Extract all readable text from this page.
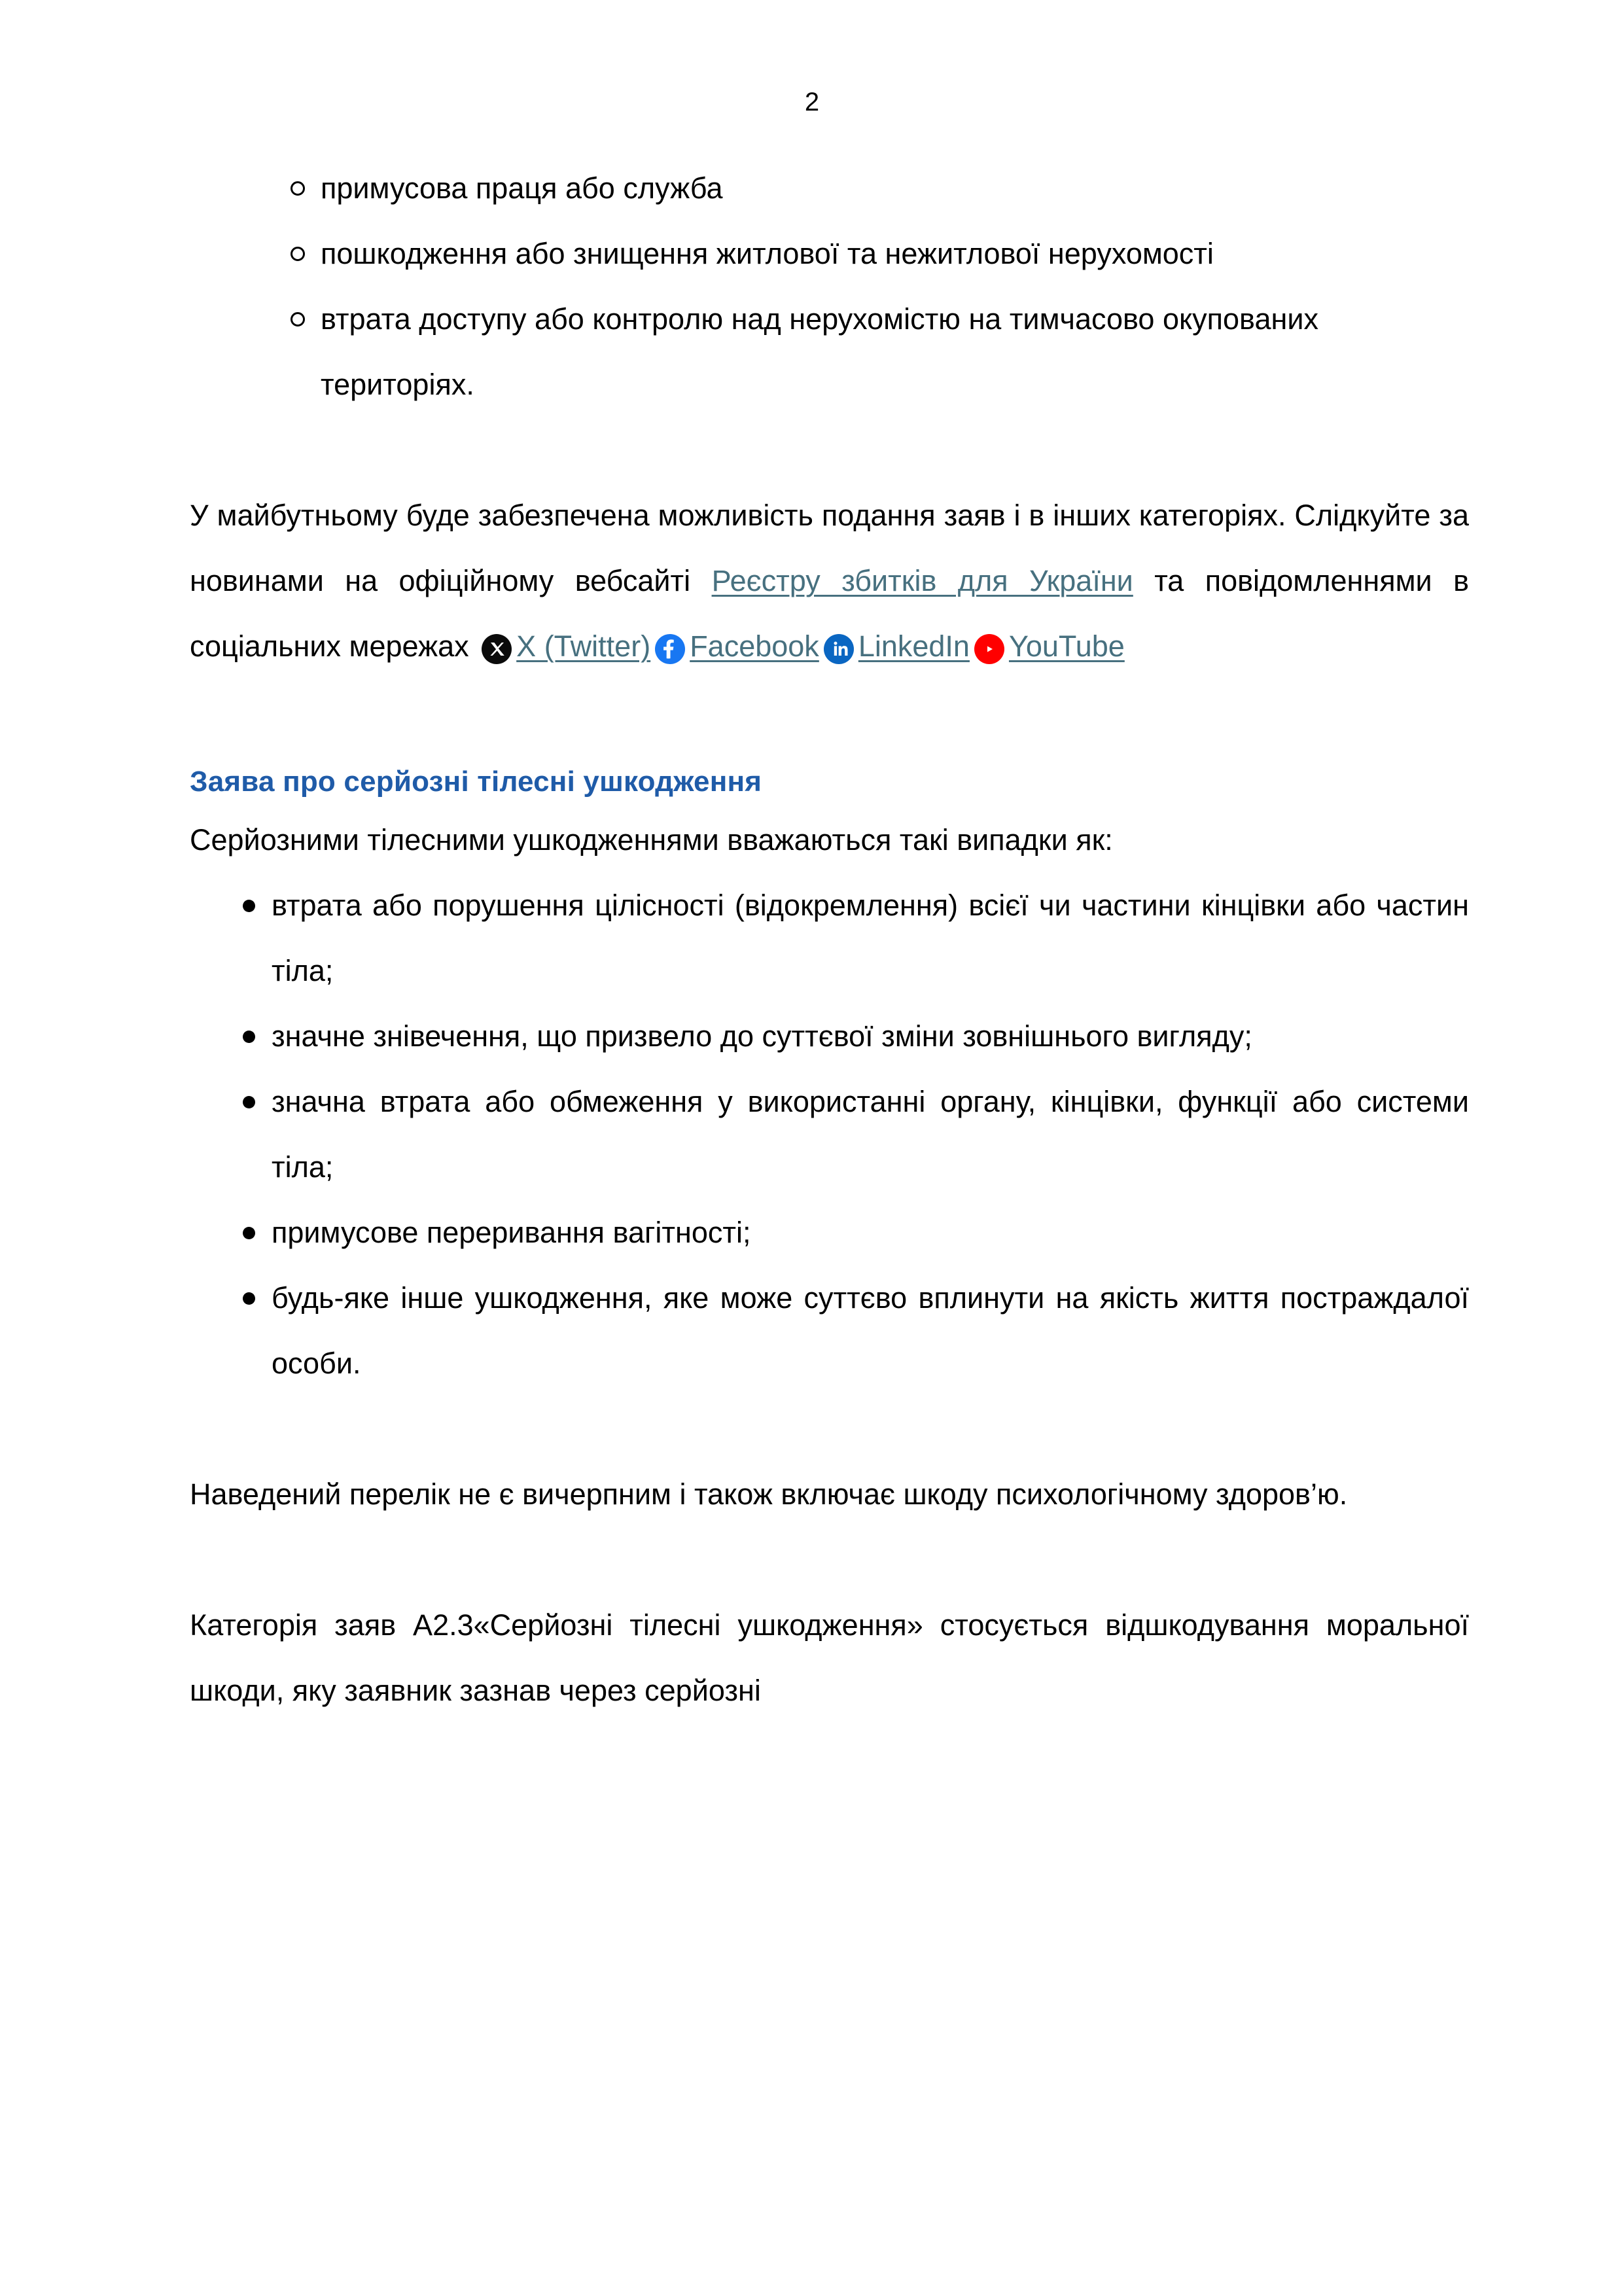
2
примусова праця або служба
пошкодження або знищення житлової та нежитлової нерухомості
втрата доступу або контролю над нерухомістю на тимчасово окупованих територіях.

У майбутньому буде забезпечена можливість подання заяв і в інших категоріях. Слідкуйте за новинами на офіційному вебсайті Реєстру збитків для України та повідомленнями в соціальних мережах
X (Twitter) Facebook LinkedIn YouTube

Заява про серйозні тілесні ушкодження

Серйозними тілесними ушкодженнями вважаються такі випадки як:

втрата або порушення цілісності (відокремлення) всієї чи частини кінцівки або частин тіла;
значне знівечення, що призвело до суттєвої зміни зовнішнього вигляду;
значна втрата або обмеження у використанні органу, кінцівки, функції або системи тіла;
примусове переривання вагітності;
будь-яке інше ушкодження, яке може суттєво вплинути на якість життя постраждалої особи.

Наведений перелік не є вичерпним і також включає шкоду психологічному здоров’ю.

Категорія заяв А2.3«Серйозні тілесні ушкодження» стосується відшкодування моральної шкоди, яку заявник зазнав через серйозні
